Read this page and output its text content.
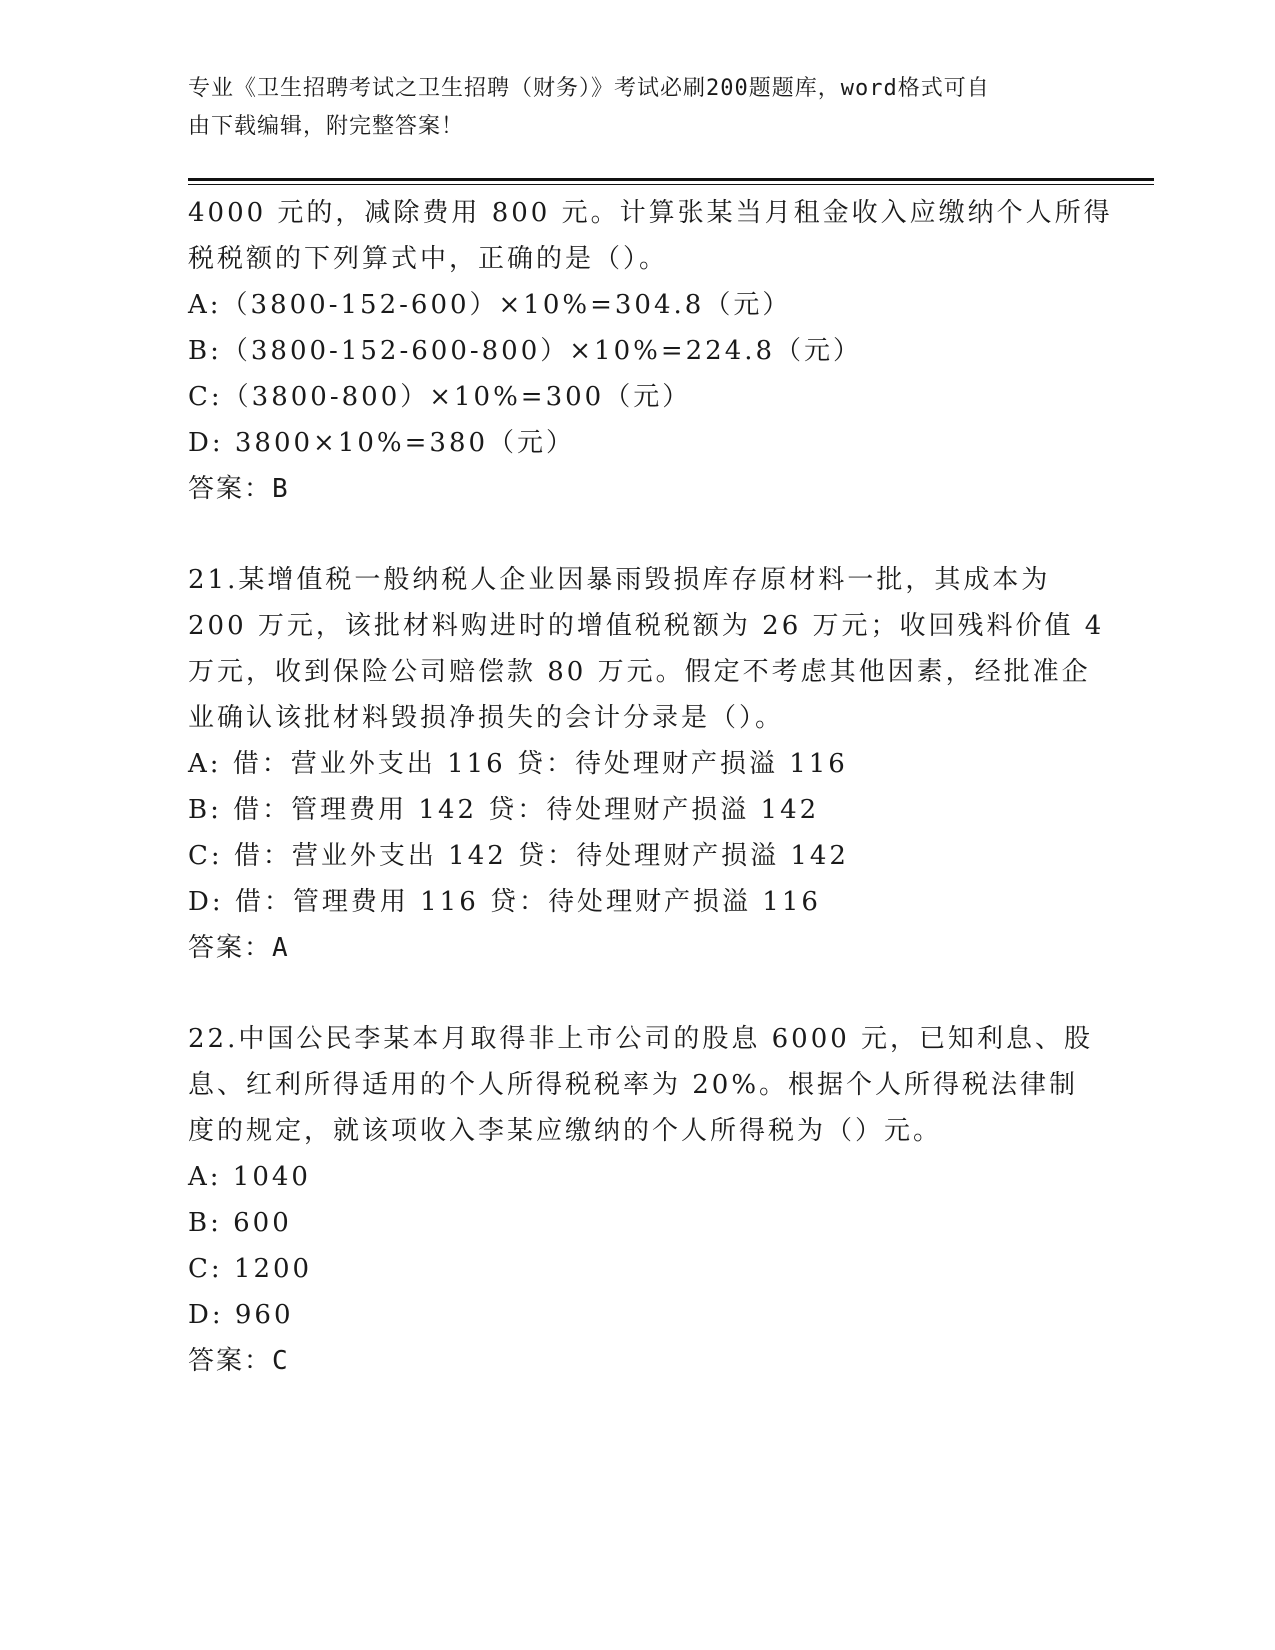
专业《卫生招聘考试之卫生招聘（财务）》考试必刷200题题库，word格式可自
由下载编辑，附完整答案！
4000 元的，减除费用 800 元。计算张某当月租金收入应缴纳个人所得
税税额的下列算式中，正确的是（）。
A:（3800-152-600）×10%=304.8（元）
B:（3800-152-600-800）×10%=224.8（元）
C:（3800-800）×10%=300（元）
D: 3800×10%=380（元）
答案：B
21.某增值税一般纳税人企业因暴雨毁损库存原材料一批，其成本为
200 万元，该批材料购进时的增值税税额为 26 万元；收回残料价值 4
万元，收到保险公司赔偿款 80 万元。假定不考虑其他因素，经批准企
业确认该批材料毁损净损失的会计分录是（）。
A: 借：营业外支出 116 贷：待处理财产损溢 116
B: 借：管理费用 142 贷：待处理财产损溢 142
C: 借：营业外支出 142 贷：待处理财产损溢 142
D: 借：管理费用 116 贷：待处理财产损溢 116
答案：A
22.中国公民李某本月取得非上市公司的股息 6000 元，已知利息、股
息、红利所得适用的个人所得税税率为 20%。根据个人所得税法律制
度的规定，就该项收入李某应缴纳的个人所得税为（）元。
A: 1040
B: 600
C: 1200
D: 960
答案：C
